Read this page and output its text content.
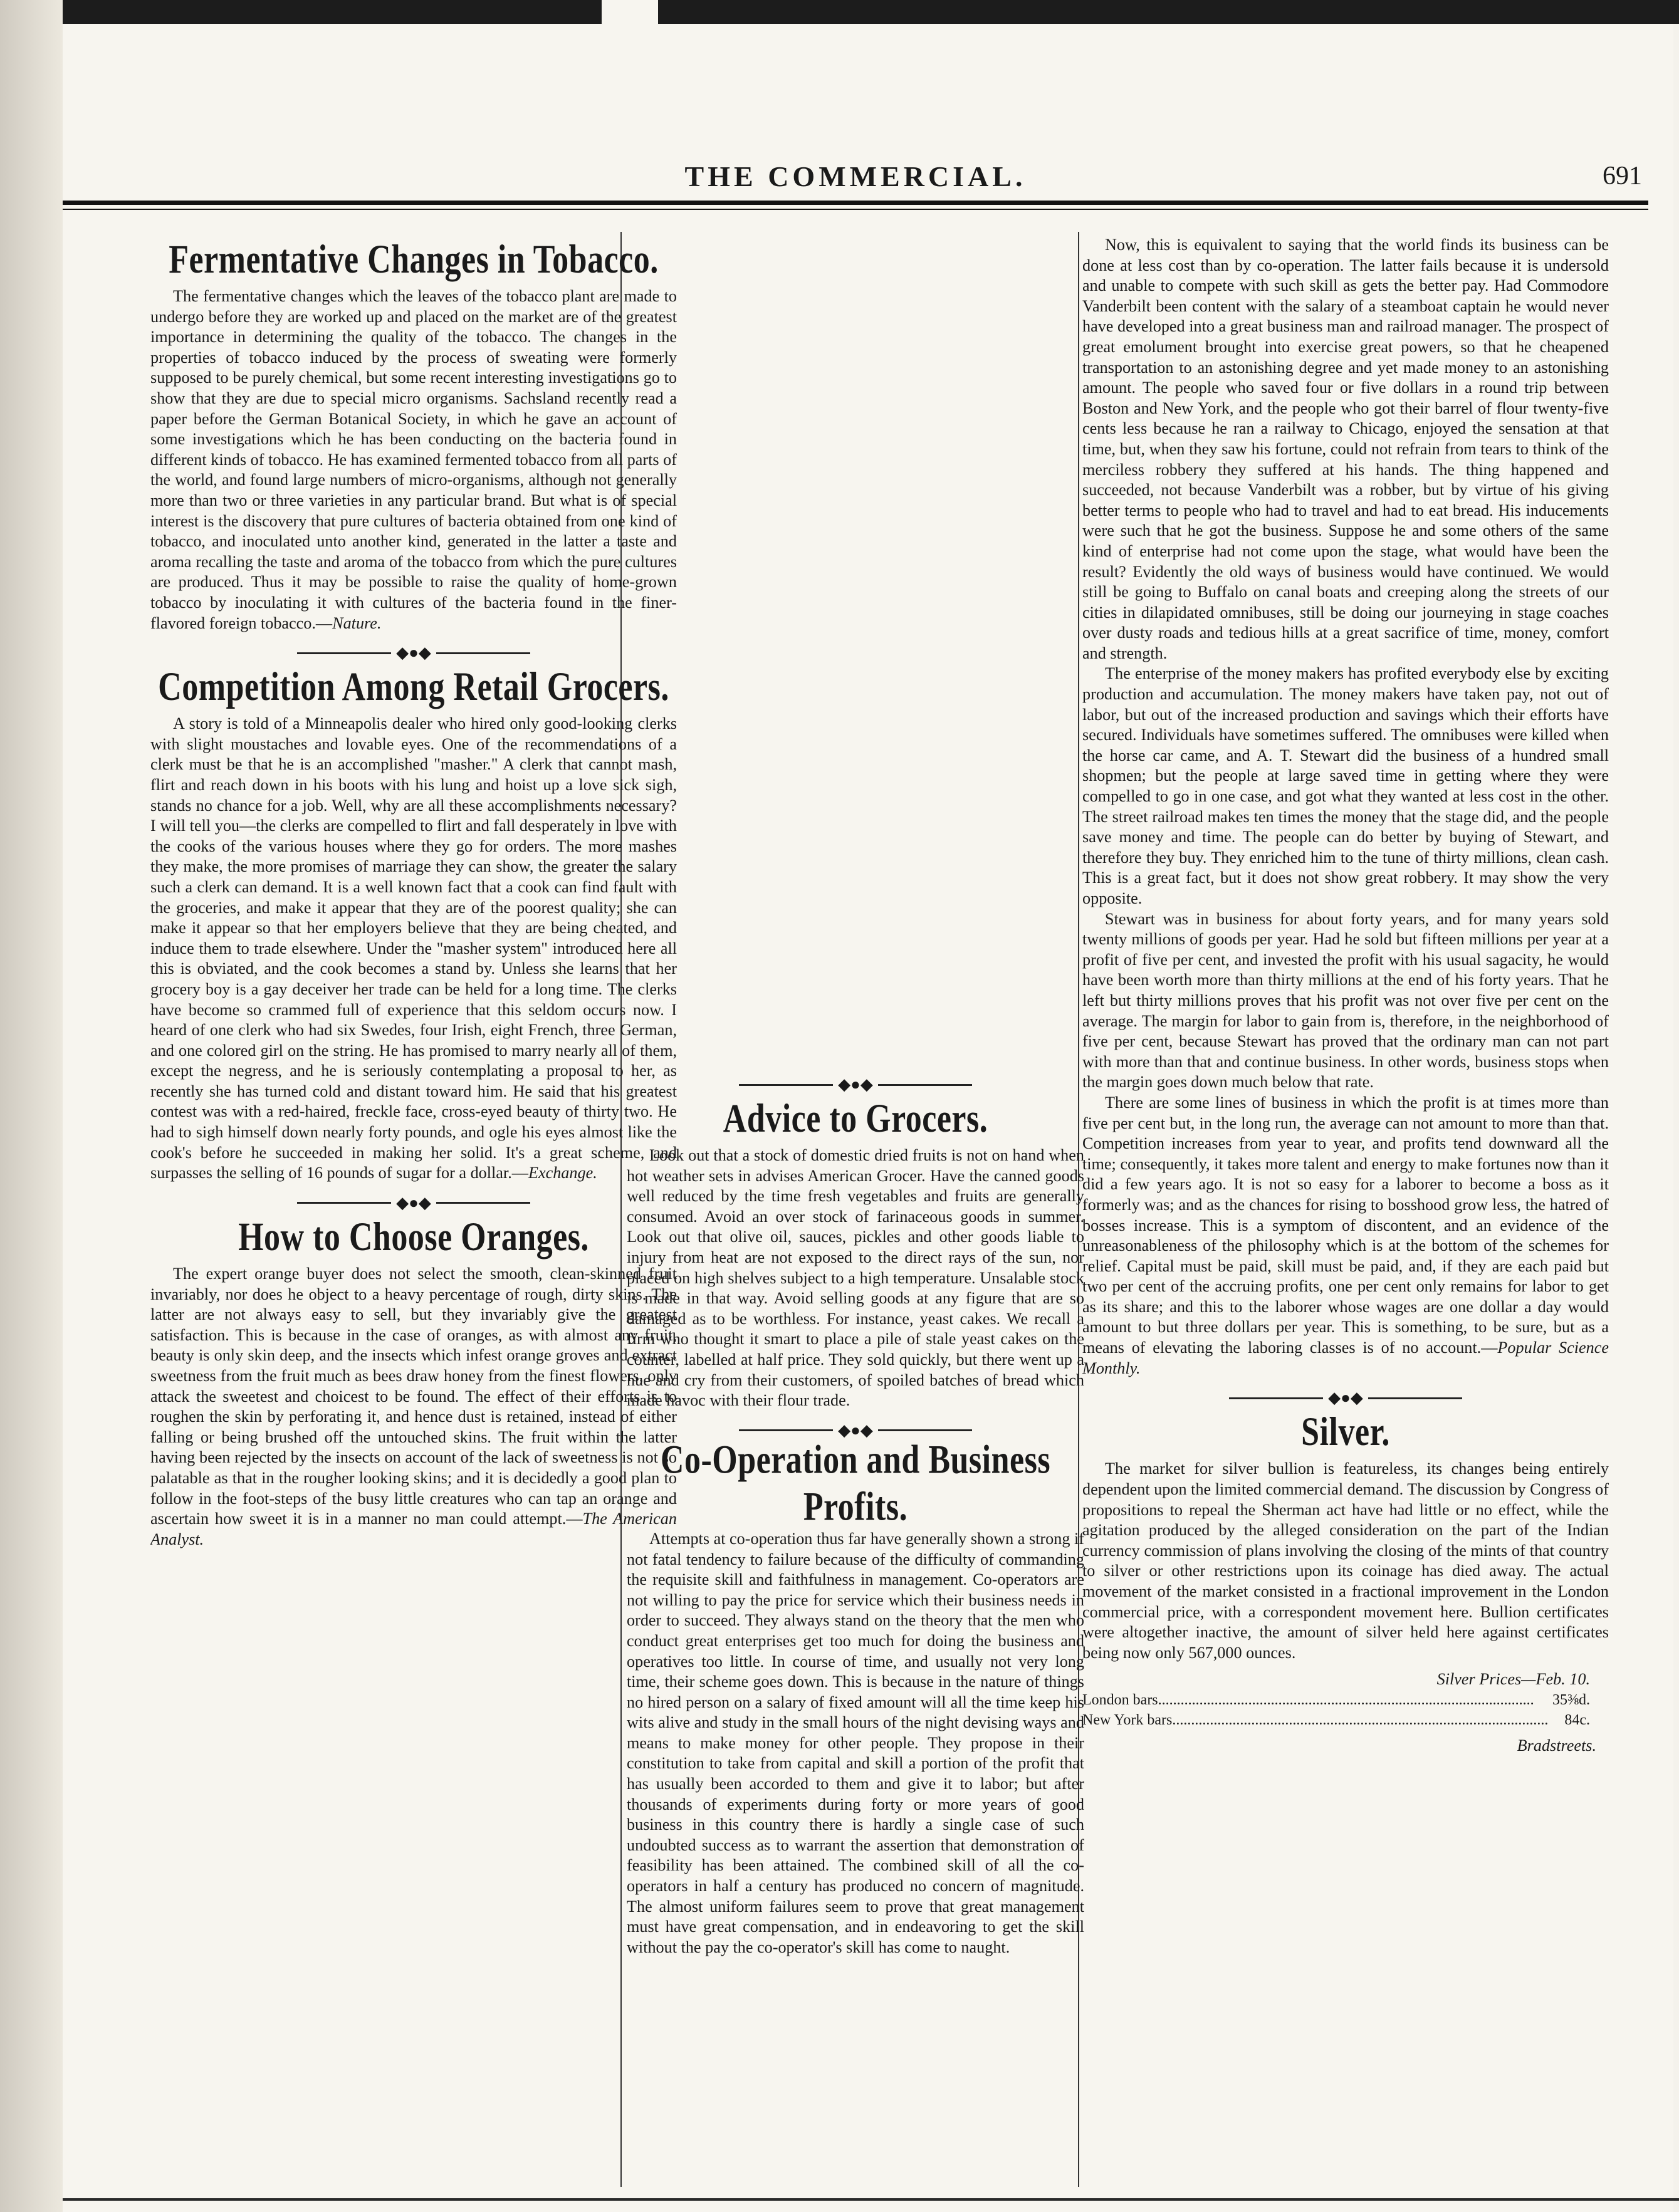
THE COMMERCIAL.	691
Fermentative Changes in Tobacco.

The fermentative changes which the leaves of the tobacco plant are made to undergo before they are worked up and placed on the market are of the greatest importance in determining the quality of the tobacco. The changes in the properties of tobacco induced by the process of sweating were formerly supposed to be purely chemical, but some recent interesting investigations go to show that they are due to special micro organisms. Sachsland recently read a paper before the German Botanical Society, in which he gave an account of some investigations which he has been conducting on the bacteria found in different kinds of tobacco. He has examined fermented tobacco from all parts of the world, and found large numbers of micro-organisms, although not generally more than two or three varieties in any particular brand. But what is of special interest is the discovery that pure cultures of bacteria obtained from one kind of tobacco, and inoculated unto another kind, generated in the latter a taste and aroma recalling the taste and aroma of the tobacco from which the pure cultures are produced. Thus it may be possible to raise the quality of home-grown tobacco by inoculating it with cultures of the bacteria found in the finer-flavored foreign tobacco.—Nature.

◆●◆
Competition Among Retail Grocers.

A story is told of a Minneapolis dealer who hired only good-looking clerks with slight moustaches and lovable eyes. One of the recommendations of a clerk must be that he is an accomplished "masher." A clerk that cannot mash, flirt and reach down in his boots with his lung and hoist up a love sick sigh, stands no chance for a job. Well, why are all these accomplishments necessary? I will tell you—the clerks are compelled to flirt and fall desperately in love with the cooks of the various houses where they go for orders. The more mashes they make, the more promises of marriage they can show, the greater the salary such a clerk can demand. It is a well known fact that a cook can find fault with the groceries, and make it appear that they are of the poorest quality; she can make it appear so that her employers believe that they are being cheated, and induce them to trade elsewhere. Under the "masher system" introduced here all this is obviated, and the cook becomes a stand by. Unless she learns that her grocery boy is a gay deceiver her trade can be held for a long time. The clerks have become so crammed full of experience that this seldom occurs now. I heard of one clerk who had six Swedes, four Irish, eight French, three German, and one colored girl on the string. He has promised to marry nearly all of them, except the negress, and he is seriously contemplating a proposal to her, as recently she has turned cold and distant toward him. He said that his greatest contest was with a red-haired, freckle face, cross-eyed beauty of thirty two. He had to sigh himself down nearly forty pounds, and ogle his eyes almost like the cook's before he succeeded in making her solid. It's a great scheme, and surpasses the selling of 16 pounds of sugar for a dollar.—Exchange.

◆●◆
How to Choose Oranges.

The expert orange buyer does not select the smooth, clean-skinned fruit invariably, nor does he object to a heavy percentage of rough, dirty skins. The latter are not always easy to sell, but they invariably give the greatest satisfaction. This is because in the case of oranges, as with almost any fruit, beauty is only skin deep, and the insects which infest orange groves and extract sweetness from the fruit much as bees draw honey from the finest flowers, only attack the sweetest and choicest to be found. The effect of their efforts is to roughen the skin by perforating it, and hence dust is retained, instead of either falling or being brushed off the untouched skins. The fruit within the latter having been rejected by the insects on account of the lack of sweetness is not so palatable as that in the rougher looking skins; and it is decidedly a good plan to follow in the foot-steps of the busy little creatures who can tap an orange and ascertain how sweet it is in a manner no man could attempt.—The American Analyst.

◆●◆
Advice to Grocers.

Look out that a stock of domestic dried fruits is not on hand when hot weather sets in advises American Grocer. Have the canned goods well reduced by the time fresh vegetables and fruits are generally consumed. Avoid an over stock of farinaceous goods in summer. Look out that olive oil, sauces, pickles and other goods liable to injury from heat are not exposed to the direct rays of the sun, nor placed on high shelves subject to a high temperature. Unsalable stock is made in that way. Avoid selling goods at any figure that are so damaged as to be worthless. For instance, yeast cakes. We recall a firm who thought it smart to place a pile of stale yeast cakes on the counter, labelled at half price. They sold quickly, but there went up a hue and cry from their customers, of spoiled batches of bread which made havoc with their flour trade.

◆●◆
Co-Operation and Business Profits.

Attempts at co-operation thus far have generally shown a strong if not fatal tendency to failure because of the difficulty of commanding the requisite skill and faithfulness in management. Co-operators are not willing to pay the price for service which their business needs in order to succeed. They always stand on the theory that the men who conduct great enterprises get too much for doing the business and operatives too little. In course of time, and usually not very long time, their scheme goes down. This is because in the nature of things no hired person on a salary of fixed amount will all the time keep his wits alive and study in the small hours of the night devising ways and means to make money for other people. They propose in their constitution to take from capital and skill a portion of the profit that has usually been accorded to them and give it to labor; but after thousands of experiments during forty or more years of good business in this country there is hardly a single case of such undoubted success as to warrant the assertion that demonstration of feasibility has been attained. The combined skill of all the co-operators in half a century has produced no concern of magnitude. The almost uniform failures seem to prove that great management must have great compensation, and in endeavoring to get the skill without the pay the co-operator's skill has come to naught.

Now, this is equivalent to saying that the world finds its business can be done at less cost than by co-operation. The latter fails because it is undersold and unable to compete with such skill as gets the better pay. Had Commodore Vanderbilt been content with the salary of a steamboat captain he would never have developed into a great business man and railroad manager. The prospect of great emolument brought into exercise great powers, so that he cheapened transportation to an astonishing degree and yet made money to an astonishing amount. The people who saved four or five dollars in a round trip between Boston and New York, and the people who got their barrel of flour twenty-five cents less because he ran a railway to Chicago, enjoyed the sensation at that time, but, when they saw his fortune, could not refrain from tears to think of the merciless robbery they suffered at his hands. The thing happened and succeeded, not because Vanderbilt was a robber, but by virtue of his giving better terms to people who had to travel and had to eat bread. His inducements were such that he got the business. Suppose he and some others of the same kind of enterprise had not come upon the stage, what would have been the result? Evidently the old ways of business would have continued. We would still be going to Buffalo on canal boats and creeping along the streets of our cities in dilapidated omnibuses, still be doing our journeying in stage coaches over dusty roads and tedious hills at a great sacrifice of time, money, comfort and strength.

The enterprise of the money makers has profited everybody else by exciting production and accumulation. The money makers have taken pay, not out of labor, but out of the increased production and savings which their efforts have secured. Individuals have sometimes suffered. The omnibuses were killed when the horse car came, and A. T. Stewart did the business of a hundred small shopmen; but the people at large saved time in getting where they were compelled to go in one case, and got what they wanted at less cost in the other. The street railroad makes ten times the money that the stage did, and the people save money and time. The people can do better by buying of Stewart, and therefore they buy. They enriched him to the tune of thirty millions, clean cash. This is a great fact, but it does not show great robbery. It may show the very opposite.

Stewart was in business for about forty years, and for many years sold twenty millions of goods per year. Had he sold but fifteen millions per year at a profit of five per cent, and invested the profit with his usual sagacity, he would have been worth more than thirty millions at the end of his forty years. That he left but thirty millions proves that his profit was not over five per cent on the average. The margin for labor to gain from is, therefore, in the neighborhood of five per cent, because Stewart has proved that the ordinary man can not part with more than that and continue business. In other words, business stops when the margin goes down much below that rate.

There are some lines of business in which the profit is at times more than five per cent but, in the long run, the average can not amount to more than that. Competition increases from year to year, and profits tend downward all the time; consequently, it takes more talent and energy to make fortunes now than it did a few years ago. It is not so easy for a laborer to become a boss as it formerly was; and as the chances for rising to bosshood grow less, the hatred of bosses increase. This is a symptom of discontent, and an evidence of the unreasonableness of the philosophy which is at the bottom of the schemes for relief. Capital must be paid, skill must be paid, and, if they are each paid but two per cent of the accruing profits, one per cent only remains for labor to get as its share; and this to the laborer whose wages are one dollar a day would amount to but three dollars per year. This is something, to be sure, but as a means of elevating the laboring classes is of no account.—Popular Science Monthly.

◆●◆
Silver.

The market for silver bullion is featureless, its changes being entirely dependent upon the limited commercial demand. The discussion by Congress of propositions to repeal the Sherman act have had little or no effect, while the agitation produced by the alleged consideration on the part of the Indian currency commission of plans involving the closing of the mints of that country to silver or other restrictions upon its coinage has died away. The actual movement of the market consisted in a fractional improvement in the London commercial price, with a correspondent movement here. Bullion certificates were altogether inactive, the amount of silver held here against certificates being now only 567,000 ounces.

Silver Prices—Feb. 10.
London bars ....................................................................................................	35⅜d.
New York bars ....................................................................................................	84c.
Bradstreets.
